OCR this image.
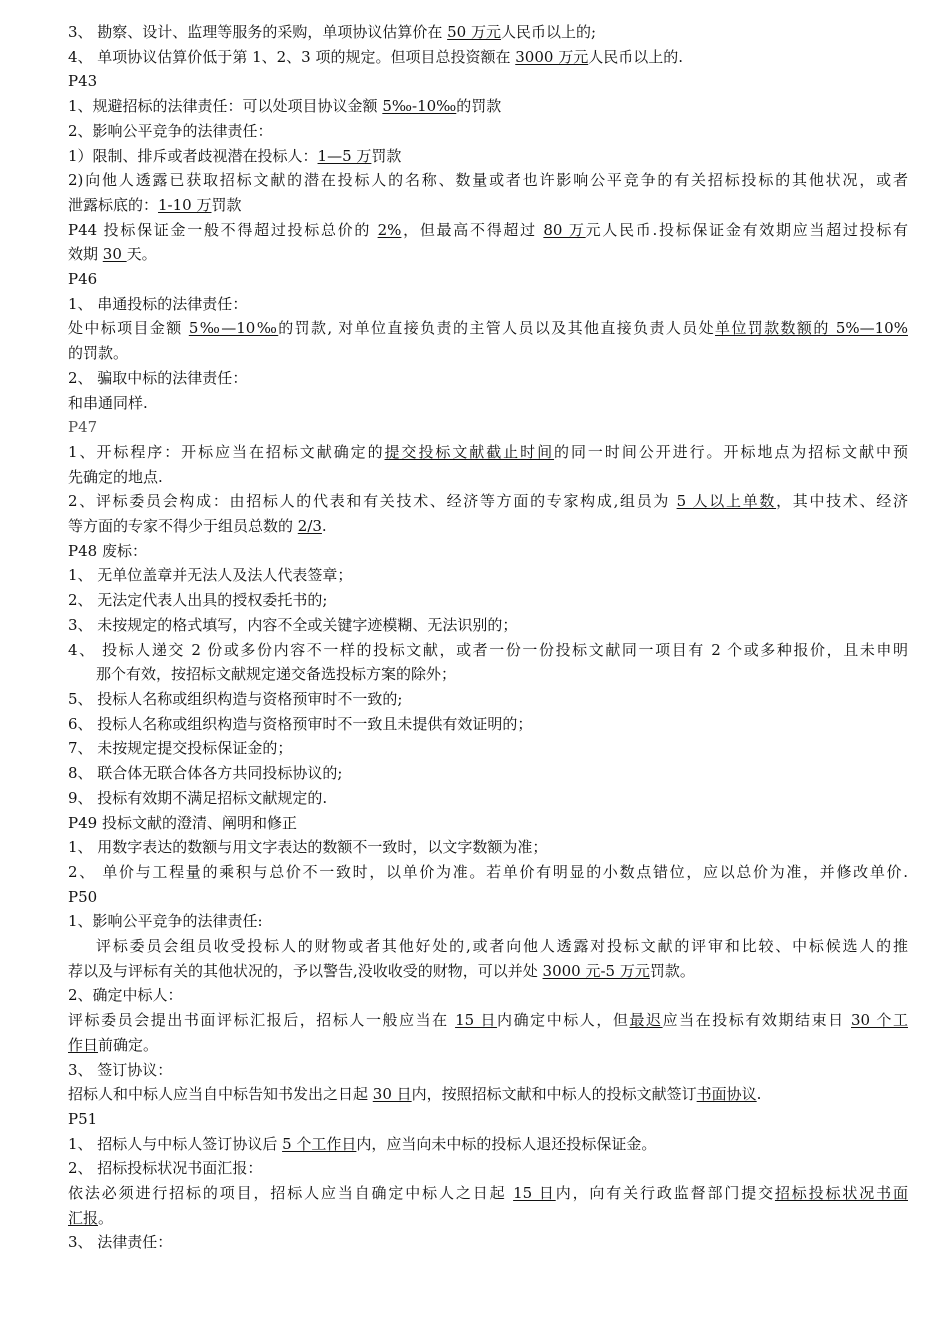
3、 勘察、设计、监理等服务的采购，单项协议估算价在 50 万元人民币以上的;
4、 单项协议估算价低于第 1、2、3 项的规定。但项目总投资额在 3000 万元人民币以上的.
P43
1、规避招标的法律责任：可以处项目协议金额 5‰-10‰的罚款
2、影响公平竞争的法律责任：
1）限制、排斥或者歧视潜在投标人：1—5 万罚款
2)向他人透露已获取招标文献的潜在投标人的名称、数量或者也许影响公平竞争的有关招标投标的其他状况，或者
泄露标底的：1-10 万罚款
P44 投标保证金一般不得超过投标总价的 2%，但最高不得超过 80 万元人民币.投标保证金有效期应当超过投标有
效期 30 天。
P46
1、 串通投标的法律责任：
处中标项目金额 5‰—10‰的罚款, 对单位直接负责的主管人员以及其他直接负责人员处单位罚款数额的 5%—10%
的罚款。
2、 骗取中标的法律责任：
和串通同样.
P47
1、开标程序：开标应当在招标文献确定的提交投标文献截止时间的同一时间公开进行。开标地点为招标文献中预
先确定的地点.
2、评标委员会构成：由招标人的代表和有关技术、经济等方面的专家构成,组员为 5 人以上单数，其中技术、经济
等方面的专家不得少于组员总数的 2/3.
P48 废标：
1、 无单位盖章并无法人及法人代表签章；
2、 无法定代表人出具的授权委托书的;
3、 未按规定的格式填写，内容不全或关键字迹模糊、无法识别的；
4、 投标人递交 2 份或多份内容不一样的投标文献，或者一份一份投标文献同一项目有 2 个或多种报价，且未申明
那个有效，按招标文献规定递交备选投标方案的除外；
5、 投标人名称或组织构造与资格预审时不一致的;
6、 投标人名称或组织构造与资格预审时不一致且未提供有效证明的；
7、 未按规定提交投标保证金的；
8、 联合体无联合体各方共同投标协议的;
9、 投标有效期不满足招标文献规定的.
P49 投标文献的澄清、阐明和修正
1、 用数字表达的数额与用文字表达的数额不一致时，以文字数额为准；
2、 单价与工程量的乘积与总价不一致时，以单价为准。若单价有明显的小数点错位，应以总价为准，并修改单价.
P50
1、影响公平竞争的法律责任:
评标委员会组员收受投标人的财物或者其他好处的,或者向他人透露对投标文献的评审和比较、中标候选人的推
荐以及与评标有关的其他状况的，予以警告,没收收受的财物，可以并处 3000 元-5 万元罚款。
2、确定中标人：
评标委员会提出书面评标汇报后，招标人一般应当在 15 日内确定中标人，但最迟应当在投标有效期结束日 30 个工
作日前确定。
3、 签订协议：
招标人和中标人应当自中标告知书发出之日起 30 日内，按照招标文献和中标人的投标文献签订书面协议.
P51
1、 招标人与中标人签订协议后 5 个工作日内，应当向未中标的投标人退还投标保证金。
2、 招标投标状况书面汇报：
依法必须进行招标的项目，招标人应当自确定中标人之日起 15 日内，向有关行政监督部门提交招标投标状况书面
汇报。
3、 法律责任：
